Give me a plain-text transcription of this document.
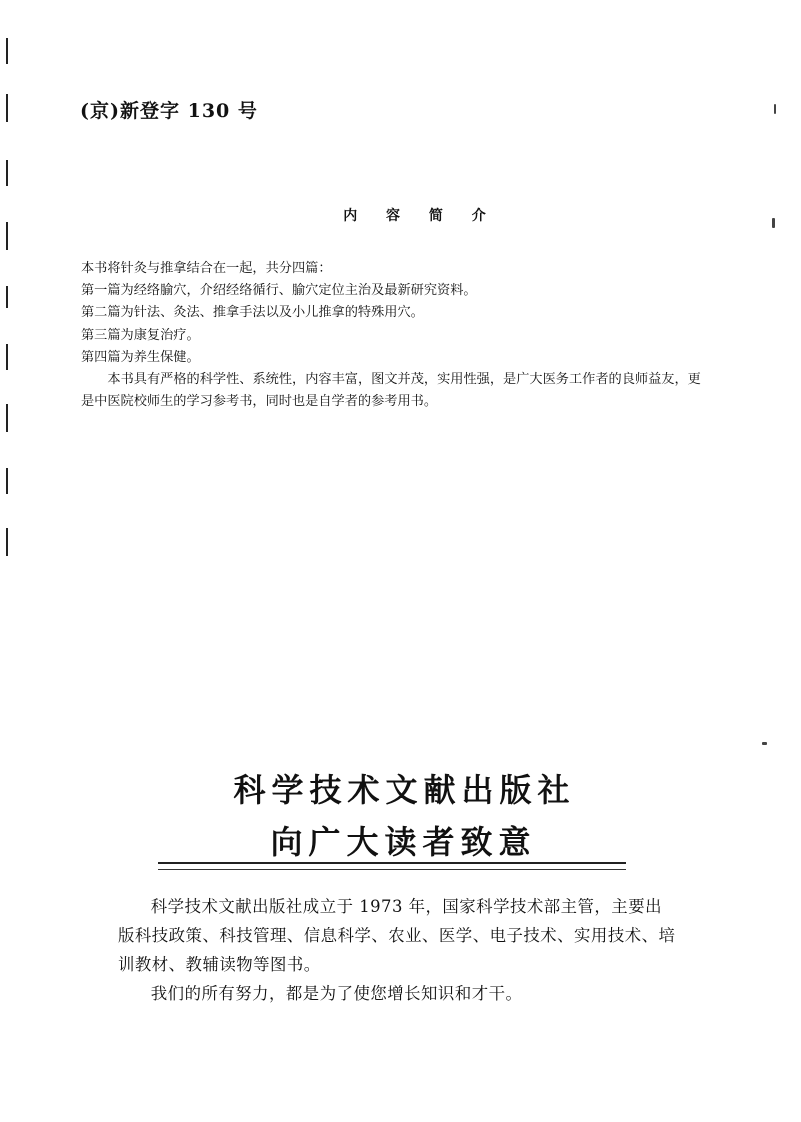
(京)新登字 130 号
内 容 简 介

本书将针灸与推拿结合在一起，共分四篇：

第一篇为经络腧穴，介绍经络循行、腧穴定位主治及最新研究资料。

第二篇为针法、灸法、推拿手法以及小儿推拿的特殊用穴。

第三篇为康复治疗。

第四篇为养生保健。

本书具有严格的科学性、系统性，内容丰富，图文并茂，实用性强，是广大医务工作者的良师益友，更是中医院校师生的学习参考书，同时也是自学者的参考用书。

科学技术文献出版社
向广大读者致意

科学技术文献出版社成立于 1973 年，国家科学技术部主管，主要出版科技政策、科技管理、信息科学、农业、医学、电子技术、实用技术、培训教材、教辅读物等图书。

我们的所有努力，都是为了使您增长知识和才干。
